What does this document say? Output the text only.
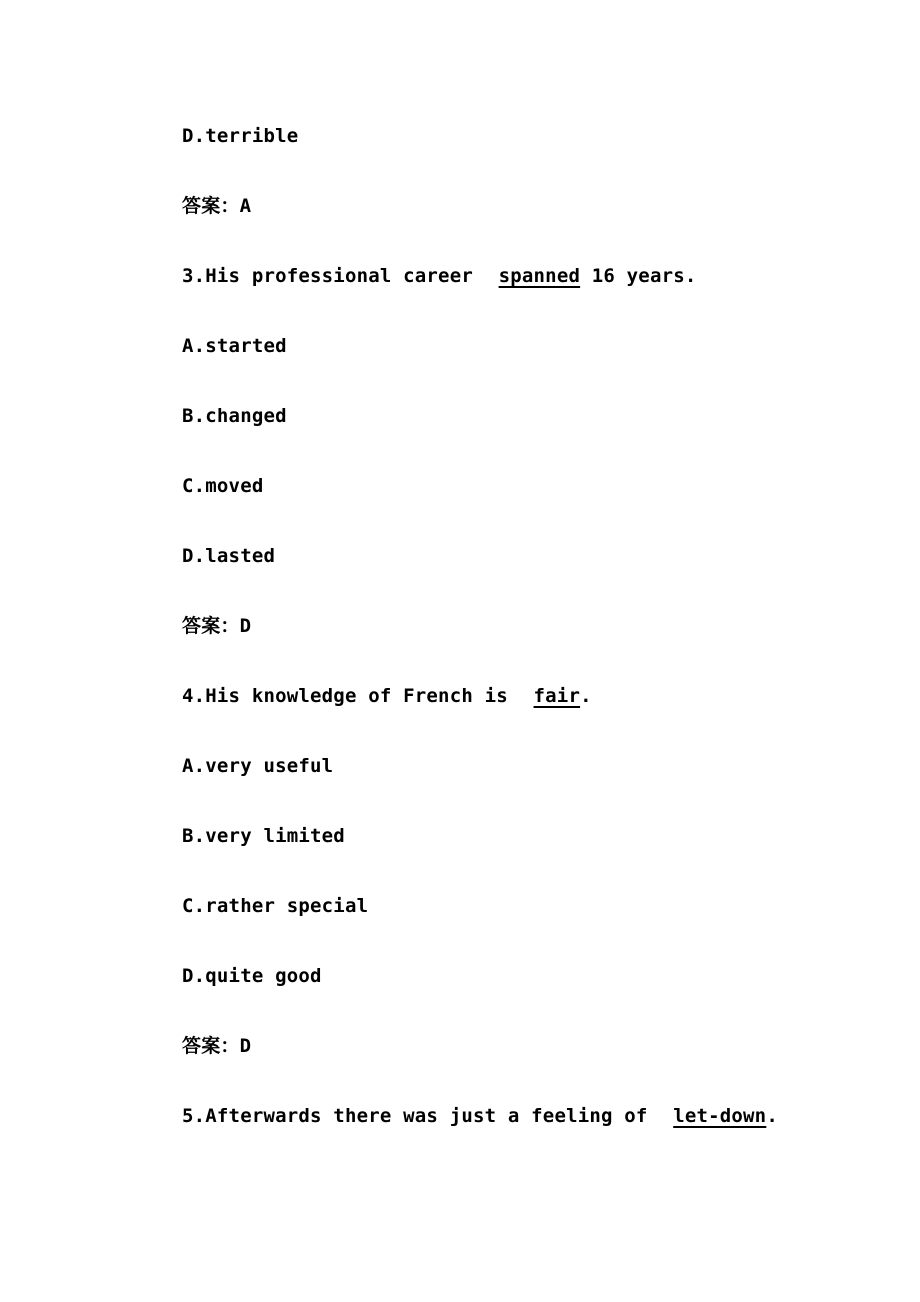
D.terrible
答案：A
3.His professional career spanned 16 years.
A.started
B.changed
C.moved
D.lasted
答案：D
4.His knowledge of French is fair.
A.very useful
B.very limited
C.rather special
D.quite good
答案：D
5.Afterwards there was just a feeling of let-down.
